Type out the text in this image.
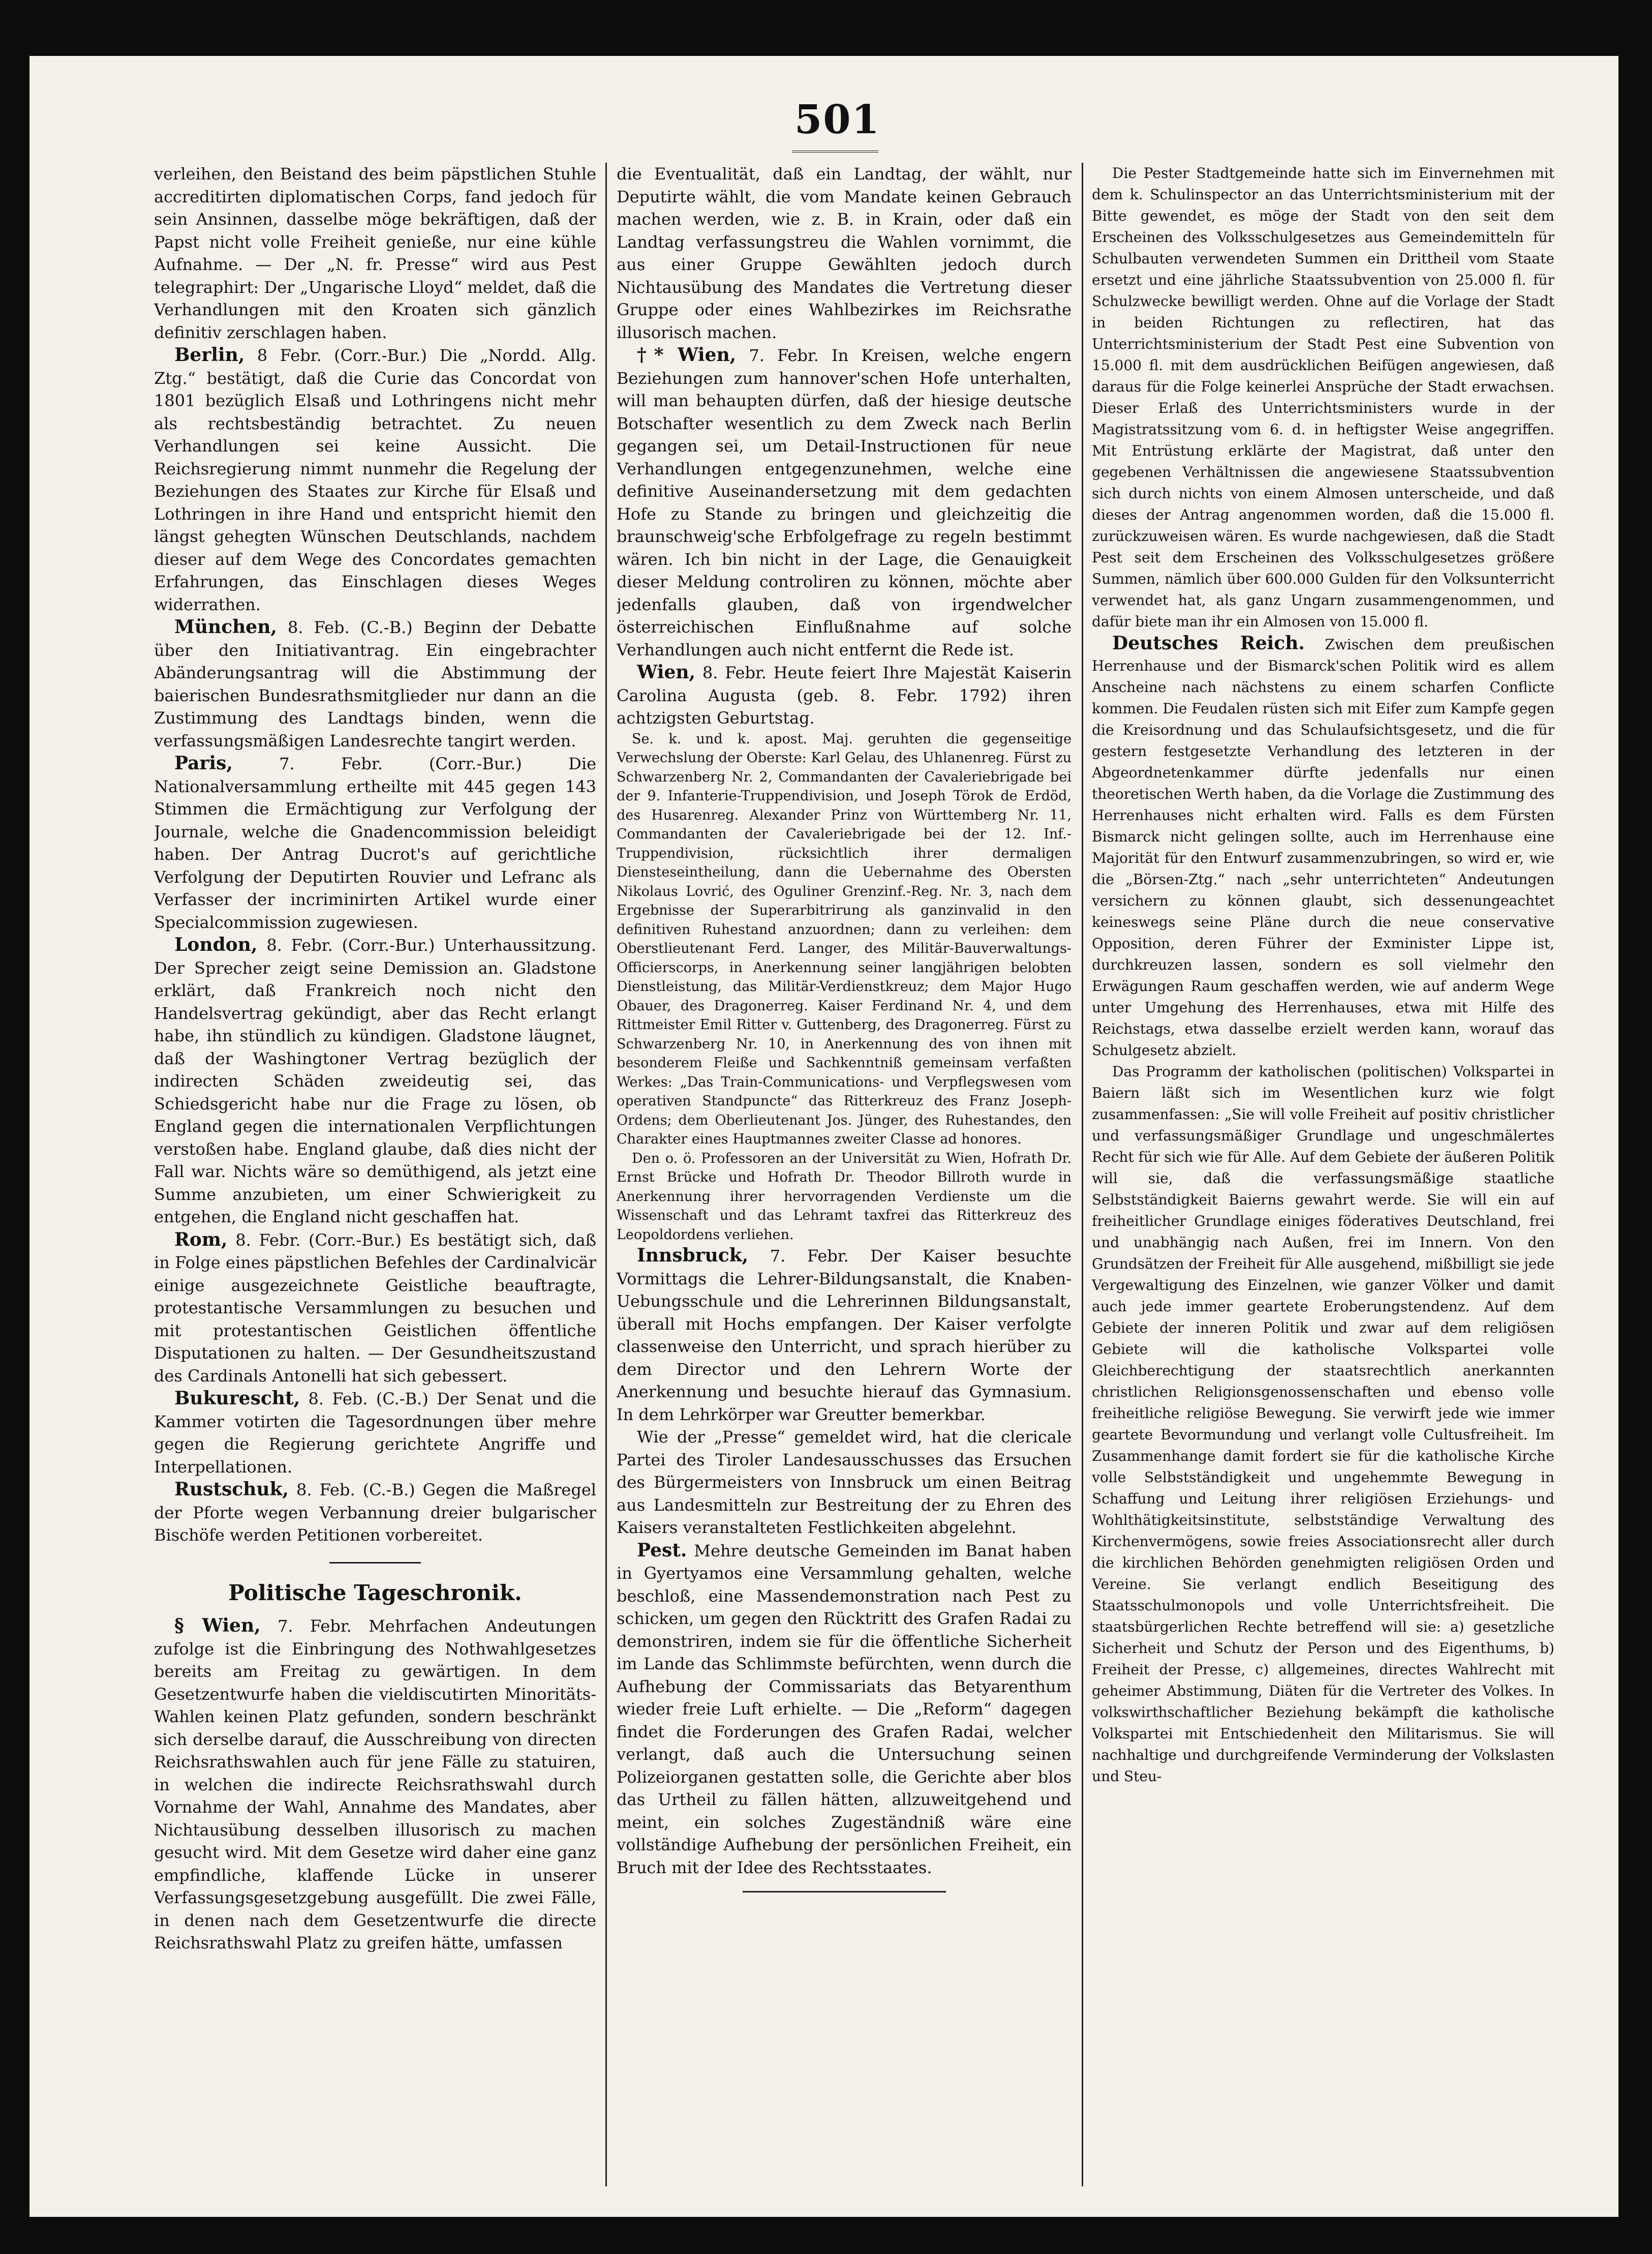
501

verleihen, den Beistand des beim päpstlichen Stuhle accreditirten diplomatischen Corps, fand jedoch für sein Ansinnen, dasselbe möge bekräftigen, daß der Papst nicht volle Freiheit genieße, nur eine kühle Aufnahme. — Der „N. fr. Presse“ wird aus Pest telegraphirt: Der „Ungarische Lloyd“ meldet, daß die Verhandlungen mit den Kroaten sich gänzlich definitiv zerschlagen haben.

Berlin, 8 Febr. (Corr.-Bur.) Die „Nordd. Allg. Ztg.“ bestätigt, daß die Curie das Concordat von 1801 bezüglich Elsaß und Lothringens nicht mehr als rechtsbeständig betrachtet. Zu neuen Verhandlungen sei keine Aussicht. Die Reichsregierung nimmt nunmehr die Regelung der Beziehungen des Staates zur Kirche für Elsaß und Lothringen in ihre Hand und entspricht hiemit den längst gehegten Wünschen Deutschlands, nachdem dieser auf dem Wege des Concordates gemachten Erfahrungen, das Einschlagen dieses Weges widerrathen.

München, 8. Feb. (C.-B.) Beginn der Debatte über den Initiativantrag. Ein eingebrachter Abänderungsantrag will die Abstimmung der baierischen Bundesrathsmitglieder nur dann an die Zustimmung des Landtags binden, wenn die verfassungsmäßigen Landesrechte tangirt werden.

Paris,	7. Febr. (Corr.-Bur.) Die Nationalversammlung ertheilte mit 445 gegen 143 Stimmen die Ermächtigung zur Verfolgung der Journale, welche die Gnadencommission beleidigt haben. Der Antrag Ducrot's auf gerichtliche Verfolgung der Deputirten Rouvier und Lefranc als Verfasser der incriminirten Artikel wurde einer Specialcommission zugewiesen.

London, 8. Febr. (Corr.-Bur.) Unterhaussitzung. Der Sprecher zeigt seine Demission an. Gladstone erklärt, daß Frankreich noch nicht den Handelsvertrag gekündigt, aber das Recht erlangt habe, ihn stündlich zu kündigen. Gladstone läugnet, daß der Washingtoner Vertrag bezüglich der indirecten Schäden zweideutig sei, das Schiedsgericht habe nur die Frage zu lösen, ob England gegen die internationalen Verpflichtungen verstoßen habe. England glaube, daß dies nicht der Fall war. Nichts wäre so demüthigend, als jetzt eine Summe anzubieten, um einer Schwierigkeit zu entgehen, die England nicht geschaffen hat.

Rom, 8. Febr. (Corr.-Bur.) Es bestätigt sich, daß in Folge eines päpstlichen Befehles der Cardinalvicär einige ausgezeichnete Geistliche beauftragte, protestantische Versammlungen zu besuchen und mit protestantischen Geistlichen öffentliche Disputationen zu halten. — Der Gesundheitszustand des Cardinals Antonelli hat sich gebessert.

Bukurescht, 8. Feb. (C.-B.) Der Senat und die Kammer votirten die Tagesordnungen über mehre gegen die Regierung gerichtete Angriffe und Interpellationen.

Rustschuk, 8. Feb. (C.-B.) Gegen die Maßregel der Pforte wegen Verbannung dreier bulgarischer Bischöfe werden Petitionen vorbereitet.

Politische Tageschronik.

§ Wien, 7. Febr. Mehrfachen Andeutungen zufolge ist die Einbringung des Nothwahlgesetzes bereits am Freitag zu gewärtigen. In dem Gesetzentwurfe haben die vieldiscutirten Minoritäts-Wahlen keinen Platz gefunden, sondern beschränkt sich derselbe darauf, die Ausschreibung von directen Reichsrathswahlen auch für jene Fälle zu statuiren, in welchen die indirecte Reichsrathswahl durch Vornahme der Wahl, Annahme des Mandates, aber Nichtausübung desselben illusorisch zu machen gesucht wird. Mit dem Gesetze wird daher eine ganz empfindliche, klaffende Lücke in unserer Verfassungsgesetzgebung ausgefüllt. Die zwei Fälle, in denen nach dem Gesetzentwurfe die directe Reichsrathswahl Platz zu greifen hätte, umfassen

die Eventualität, daß ein Landtag, der wählt, nur Deputirte wählt, die vom Mandate keinen Gebrauch machen werden, wie z. B. in Krain, oder daß ein Landtag verfassungstreu die Wahlen vornimmt, die aus einer Gruppe Gewählten jedoch durch Nichtausübung des Mandates die Vertretung dieser Gruppe oder eines Wahlbezirkes im Reichsrathe illusorisch machen.

†* Wien, 7. Febr. In Kreisen, welche engern Beziehungen zum hannover'schen Hofe unterhalten, will man behaupten dürfen, daß der hiesige deutsche Botschafter wesentlich zu dem Zweck nach Berlin gegangen sei, um Detail-Instructionen für neue Verhandlungen entgegenzunehmen, welche eine definitive Auseinandersetzung mit dem gedachten Hofe zu Stande zu bringen und gleichzeitig die braunschweig'sche Erbfolgefrage zu regeln bestimmt wären. Ich bin nicht in der Lage, die Genauigkeit dieser Meldung controliren zu können, möchte aber jedenfalls glauben, daß von irgendwelcher österreichischen Einflußnahme auf solche Verhandlungen auch nicht entfernt die Rede ist.

Wien, 8. Febr. Heute feiert Ihre Majestät Kaiserin Carolina Augusta (geb. 8. Febr. 1792) ihren achtzigsten Geburtstag.

Se. k. und k. apost. Maj. geruhten die gegenseitige Verwechslung der Oberste: Karl Gelau, des Uhlanenreg. Fürst zu Schwarzenberg Nr. 2, Commandanten der Cavaleriebrigade bei der 9. Infanterie-Truppendivision, und Joseph Törok de Erdöd, des Husarenreg. Alexander Prinz von Württemberg Nr. 11, Commandanten der Cavaleriebrigade bei der 12. Inf.-Truppendivision, rücksichtlich ihrer dermaligen Diensteseintheilung, dann die Uebernahme des Obersten Nikolaus Lovrić, des Oguliner Grenzinf.-Reg. Nr. 3, nach dem Ergebnisse der Superarbitrirung als ganzinvalid in den definitiven Ruhestand anzuordnen; dann zu verleihen: dem Oberstlieutenant Ferd. Langer, des Militär-Bauverwaltungs-Officierscorps, in Anerkennung seiner langjährigen belobten Dienstleistung, das Militär-Verdienstkreuz; dem Major Hugo Obauer, des Dragonerreg. Kaiser Ferdinand Nr. 4, und dem Rittmeister Emil Ritter v. Guttenberg, des Dragonerreg. Fürst zu Schwarzenberg Nr. 10, in Anerkennung des von ihnen mit besonderem Fleiße und Sachkenntniß gemeinsam verfaßten Werkes: „Das Train-Communications- und Verpflegswesen vom operativen Standpuncte“ das Ritterkreuz des Franz Joseph-Ordens; dem Oberlieutenant Jos. Jünger, des Ruhestandes, den Charakter eines Hauptmannes zweiter Classe ad honores.

Den o. ö. Professoren an der Universität zu Wien, Hofrath Dr. Ernst Brücke und Hofrath Dr. Theodor Billroth wurde in Anerkennung ihrer hervorragenden Verdienste um die Wissenschaft und das Lehramt taxfrei das Ritterkreuz des Leopoldordens verliehen.

Innsbruck, 7. Febr. Der Kaiser besuchte Vormittags die Lehrer-Bildungsanstalt, die Knaben-Uebungsschule und die Lehrerinnen Bildungsanstalt, überall mit Hochs empfangen. Der Kaiser verfolgte classenweise den Unterricht, und sprach hierüber zu dem Director und den Lehrern Worte der Anerkennung und besuchte hierauf das Gymnasium. In dem Lehrkörper war Greutter bemerkbar.

Wie der „Presse“ gemeldet wird, hat die clericale Partei des Tiroler Landesausschusses das Ersuchen des Bürgermeisters von Innsbruck um einen Beitrag aus Landesmitteln zur Bestreitung der zu Ehren des Kaisers veranstalteten Festlichkeiten abgelehnt.

Pest. Mehre deutsche Gemeinden im Banat haben in Gyertyamos eine Versammlung gehalten, welche beschloß, eine Massendemonstration nach Pest zu schicken, um gegen den Rücktritt des Grafen Radai zu demonstriren, indem sie für die öffentliche Sicherheit im Lande das Schlimmste befürchten, wenn durch die Aufhebung der Commissariats das Betyarenthum wieder freie Luft erhielte. — Die „Reform“ dagegen findet die Forderungen des Grafen Radai, welcher verlangt, daß auch die Untersuchung seinen Polizeiorganen gestatten solle, die Gerichte aber blos das Urtheil zu fällen hätten, allzuweitgehend und meint, ein solches Zugeständniß wäre eine vollständige Aufhebung der persönlichen Freiheit, ein Bruch mit der Idee des Rechtsstaates.

Die Pester Stadtgemeinde hatte sich im Einvernehmen mit dem k. Schulinspector an das Unterrichtsministerium mit der Bitte gewendet, es möge der Stadt von den seit dem Erscheinen des Volksschulgesetzes aus Gemeindemitteln für Schulbauten verwendeten Summen ein Drittheil vom Staate ersetzt und eine jährliche Staatssubvention von 25.000 fl. für Schulzwecke bewilligt werden. Ohne auf die Vorlage der Stadt in beiden Richtungen zu reflectiren, hat das Unterrichtsministerium der Stadt Pest eine Subvention von 15.000 fl. mit dem ausdrücklichen Beifügen angewiesen, daß daraus für die Folge keinerlei Ansprüche der Stadt erwachsen. Dieser Erlaß des Unterrichtsministers wurde in der Magistratssitzung vom 6. d. in heftigster Weise angegriffen. Mit Entrüstung erklärte der Magistrat, daß unter den gegebenen Verhältnissen die angewiesene Staatssubvention sich durch nichts von einem Almosen unterscheide, und daß dieses der Antrag angenommen worden, daß die 15.000 fl. zurückzuweisen wären. Es wurde nachgewiesen, daß die Stadt Pest seit dem Erscheinen des Volksschulgesetzes größere Summen, nämlich über 600.000 Gulden für den Volksunterricht verwendet hat, als ganz Ungarn zusammengenommen, und dafür biete man ihr ein Almosen von 15.000 fl.

Deutsches Reich. Zwischen dem preußischen Herrenhause und der Bismarck'schen Politik wird es allem Anscheine nach nächstens zu einem scharfen Conflicte kommen. Die Feudalen rüsten sich mit Eifer zum Kampfe gegen die Kreisordnung und das Schulaufsichtsgesetz, und die für gestern festgesetzte Verhandlung des letzteren in der Abgeordnetenkammer dürfte jedenfalls nur einen theoretischen Werth haben, da die Vorlage die Zustimmung des Herrenhauses nicht erhalten wird. Falls es dem Fürsten Bismarck nicht gelingen sollte, auch im Herrenhause eine Majorität für den Entwurf zusammenzubringen, so wird er, wie die „Börsen-Ztg.“ nach „sehr unterrichteten“ Andeutungen versichern zu können glaubt, sich dessenungeachtet keineswegs seine Pläne durch die neue conservative Opposition, deren Führer der Exminister Lippe ist, durchkreuzen lassen, sondern es soll vielmehr den Erwägungen Raum geschaffen werden, wie auf anderm Wege unter Umgehung des Herrenhauses, etwa mit Hilfe des Reichstags, etwa dasselbe erzielt werden kann, worauf das Schulgesetz abzielt.

Das Programm der katholischen (politischen) Volkspartei in Baiern läßt sich im Wesentlichen kurz wie folgt zusammenfassen: „Sie will volle Freiheit auf positiv christlicher und verfassungsmäßiger Grundlage und ungeschmälertes Recht für sich wie für Alle. Auf dem Gebiete der äußeren Politik will sie, daß die verfassungsmäßige staatliche Selbstständigkeit Baierns gewahrt werde. Sie will ein auf freiheitlicher Grundlage einiges föderatives Deutschland, frei und unabhängig nach Außen, frei im Innern. Von den Grundsätzen der Freiheit für Alle ausgehend, mißbilligt sie jede Vergewaltigung des Einzelnen, wie ganzer Völker und damit auch jede immer geartete Eroberungstendenz. Auf dem Gebiete der inneren Politik und zwar auf dem religiösen Gebiete will die katholische Volkspartei volle Gleichberechtigung der staatsrechtlich anerkannten christlichen Religionsgenossenschaften und ebenso volle freiheitliche religiöse Bewegung. Sie verwirft jede wie immer geartete Bevormundung und verlangt volle Cultusfreiheit. Im Zusammenhange damit fordert sie für die katholische Kirche volle Selbstständigkeit und ungehemmte Bewegung in Schaffung und Leitung ihrer religiösen Erziehungs- und Wohlthätigkeitsinstitute, selbstständige Verwaltung des Kirchenvermögens, sowie freies Associationsrecht aller durch die kirchlichen Behörden genehmigten religiösen Orden und Vereine. Sie verlangt endlich Beseitigung des Staatsschulmonopols und volle Unterrichtsfreiheit. Die staatsbürgerlichen Rechte betreffend will sie: a) gesetzliche Sicherheit und Schutz der Person und des Eigenthums, b) Freiheit der Presse, c) allgemeines, directes Wahlrecht mit geheimer Abstimmung, Diäten für die Vertreter des Volkes. In volkswirthschaftlicher Beziehung bekämpft die katholische Volkspartei mit Entschiedenheit den Militarismus. Sie will nachhaltige und durchgreifende Verminderung der Volkslasten und Steu-
